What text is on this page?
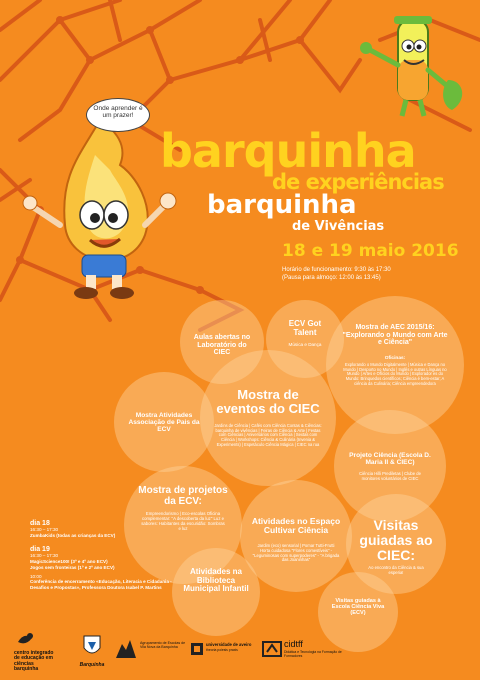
Onde aprender é um prazer!
barquinha
de experiências
barquinha
de Vivências
18 e 19 maio 2016
Horário de funcionamento: 9:30 às 17:30
(Pausa para almoço: 12:00 às 13:45)
Aulas abertas no Laboratório do CIEC
ECV Got Talent
Música e Dança
Mostra de AEC 2015/16: "Explorando o Mundo com Arte e Ciência"
Oficinas:
Explorando o Mundo Digitalmente | Música e Dança no Mundo | Desporto no Mundo | Inglês e outras Línguas no Mundo | Artes e Ofícios do Mundo | Explorador es do Mundo: Brinquedos científicos; Ciência é bem-estar; A ciência da Culinária; Ciência empreendedora
Mostra Atividades Associação de Pais da ECV
Mostra de eventos do CIEC
Jardins de Ciência | Cafés com Ciência Contas & Ciências: barquinha de vivências | Feiras de Ciência & Arte | Festas com Ciências | Aniversários com Ciência | Sextas com Ciência | Workshops: Ciência & Culinária (Invenia & Experiments) | Espetáculo Ciência Mágica | CIEC na rua
Projeto Ciência (Escola D. Maria II & CIEC)
Ciência Hilli Prediletas | Clube de monitores voluntários de CIEC
Mostra de projetos da ECV:
Empreendorismo | Eco-escolas Oficina complementar: "A descoberta da luz" Luz e sabores: Habitantes da escuridão: Sombras e luz
Atividades no Espaço Cultivar Ciência
Jardim (eco) sensorial | Pomar Tutti-Frutti Horta cuidadosa "Flores comestíveis" - "Leguminosas com superpoderes" - "A brigada das Joaninhas"
Visitas guiadas ao CIEC:
Ao encontro da Ciência & sua esperia!
Atividades na Biblioteca Municipal Infantil
Visitas guiadas à Escola Ciência Viva (ECV)
dia 18
16:30 – 17:30
ZumbaKids (todas as crianças da ECV)
dia 19
16:30 – 17:30
MagicScience100! (3º e 4º ano ECV)
Jogos sem fronteiras (1º e 2º ano ECV)
10:00
Conferência de encerramento «Educação, Literacia e Cidadania - Desafios e Propostas», Professora Doutora Isabel P. Martins
centro integrado de educação em ciências barquinha
Barquinha
Agrupamento de Escolas de Vila Nova da Barquinha	universidade de aveiro
theoria poiesis praxis
cidtff
Didática e Tecnologia na Formação de Formadores
